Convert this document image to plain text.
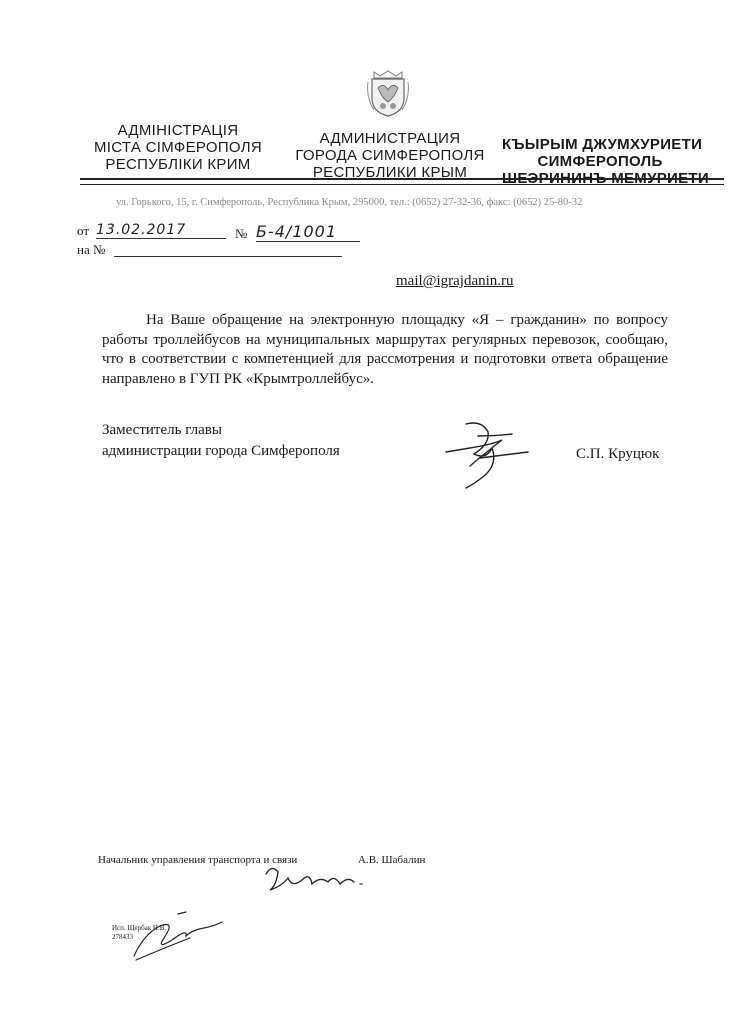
АДМІНІСТРАЦІЯ
МІСТА СІМФЕРОПОЛЯ
РЕСПУБЛІКИ КРИМ
АДМИНИСТРАЦИЯ
ГОРОДА СИМФЕРОПОЛЯ
РЕСПУБЛИКИ КРЫМ
КЪЫРЫМ ДЖУМХУРИЕТИ
СИМФЕРОПОЛЬ
ШЕЭРИНИНЪ МЕМУРИЕТИ
ул. Горького, 15, г. Симферополь, Республика Крым, 295000, тел.: (0652) 27-32-36, факс: (0652) 25-80-32
от 13.02.2017	№ Б-4/1001
на №
mail@igrajdanin.ru
На Ваше обращение на электронную площадку «Я – гражданин» по вопросу работы троллейбусов на муниципальных маршрутах регулярных перевозок, сообщаю, что в соответствии с компетенцией для рассмотрения и подготовки ответа обращение направлено в ГУП РК «Крымтроллейбус».
Заместитель главы
администрации города Симферополя	С.П. Круцюк
Начальник управления транспорта и связи	А.В. Шабалин
Исп. Щербак Н.В.
278433
